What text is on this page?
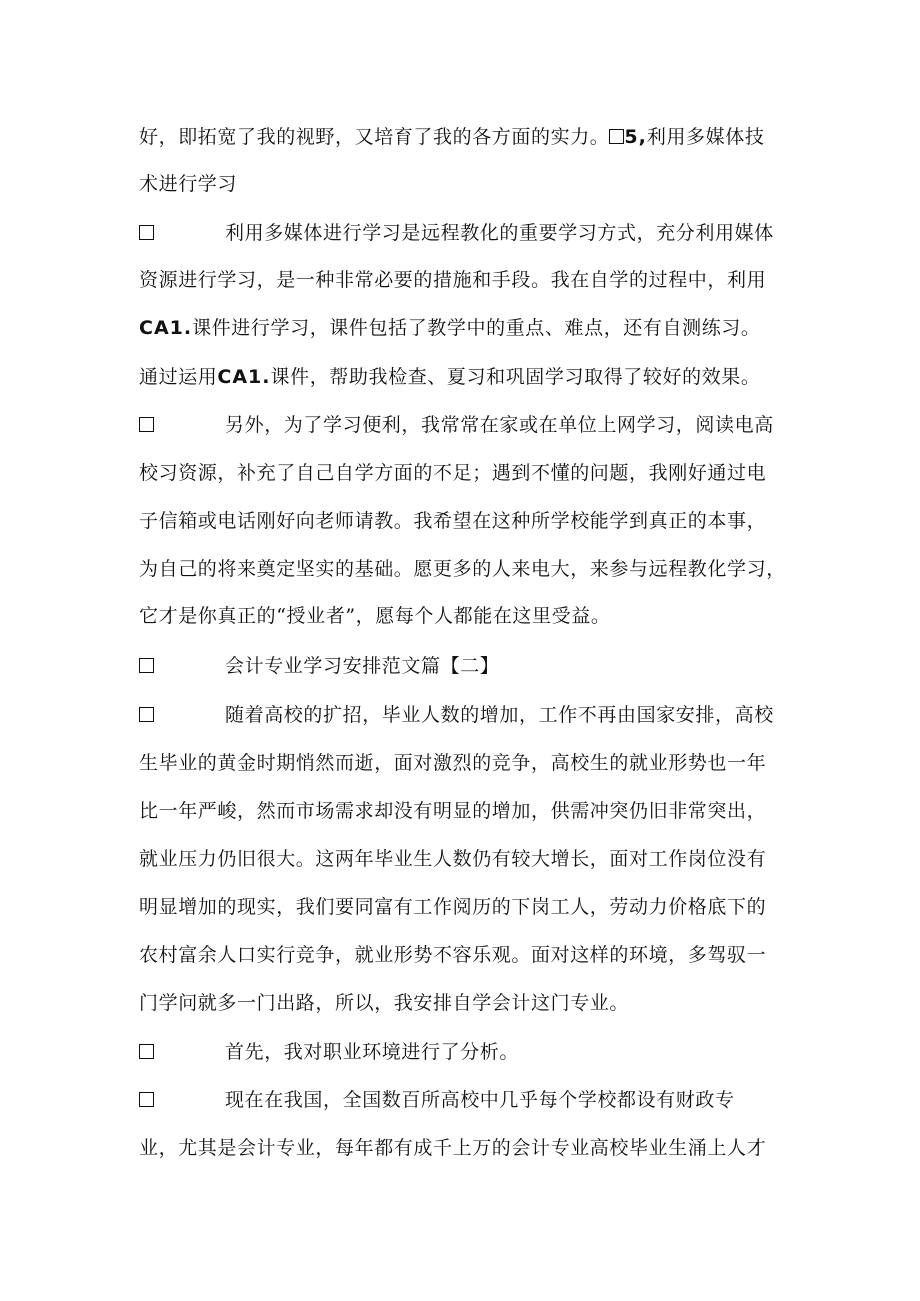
好，即拓宽了我的视野，又培育了我的各方面的实力。 5,利用多媒体技
术进行学习
利用多媒体进行学习是远程教化的重要学习方式，充分利用媒体
资源进行学习，是一种非常必要的措施和手段。我在自学的过程中，利用
CA1.课件进行学习，课件包括了教学中的重点、难点，还有自测练习。
通过运用CA1.课件，帮助我检查、夏习和巩固学习取得了较好的效果。
另外，为了学习便利，我常常在家或在单位上网学习，阅读电高
校习资源，补充了自己自学方面的不足；遇到不懂的问题，我刚好通过电
子信箱或电话刚好向老师请教。我希望在这种所学校能学到真正的本事，
为自己的将来奠定坚实的基础。愿更多的人来电大，来参与远程教化学习，
它才是你真正的“授业者”，愿每个人都能在这里受益。
会计专业学习安排范文篇【二】
随着高校的扩招，毕业人数的增加，工作不再由国家安排，高校
生毕业的黄金时期悄然而逝，面对激烈的竞争，高校生的就业形势也一年
比一年严峻，然而市场需求却没有明显的增加，供需冲突仍旧非常突出，
就业压力仍旧很大。这两年毕业生人数仍有较大增长，面对工作岗位没有
明显增加的现实，我们要同富有工作阅历的下岗工人，劳动力价格底下的
农村富余人口实行竞争，就业形势不容乐观。面对这样的环境，多驾驭一
门学问就多一门出路，所以，我安排自学会计这门专业。
首先，我对职业环境进行了分析。
现在在我国，全国数百所高校中几乎每个学校都设有财政专
业，尤其是会计专业，每年都有成千上万的会计专业高校毕业生涌上人才
